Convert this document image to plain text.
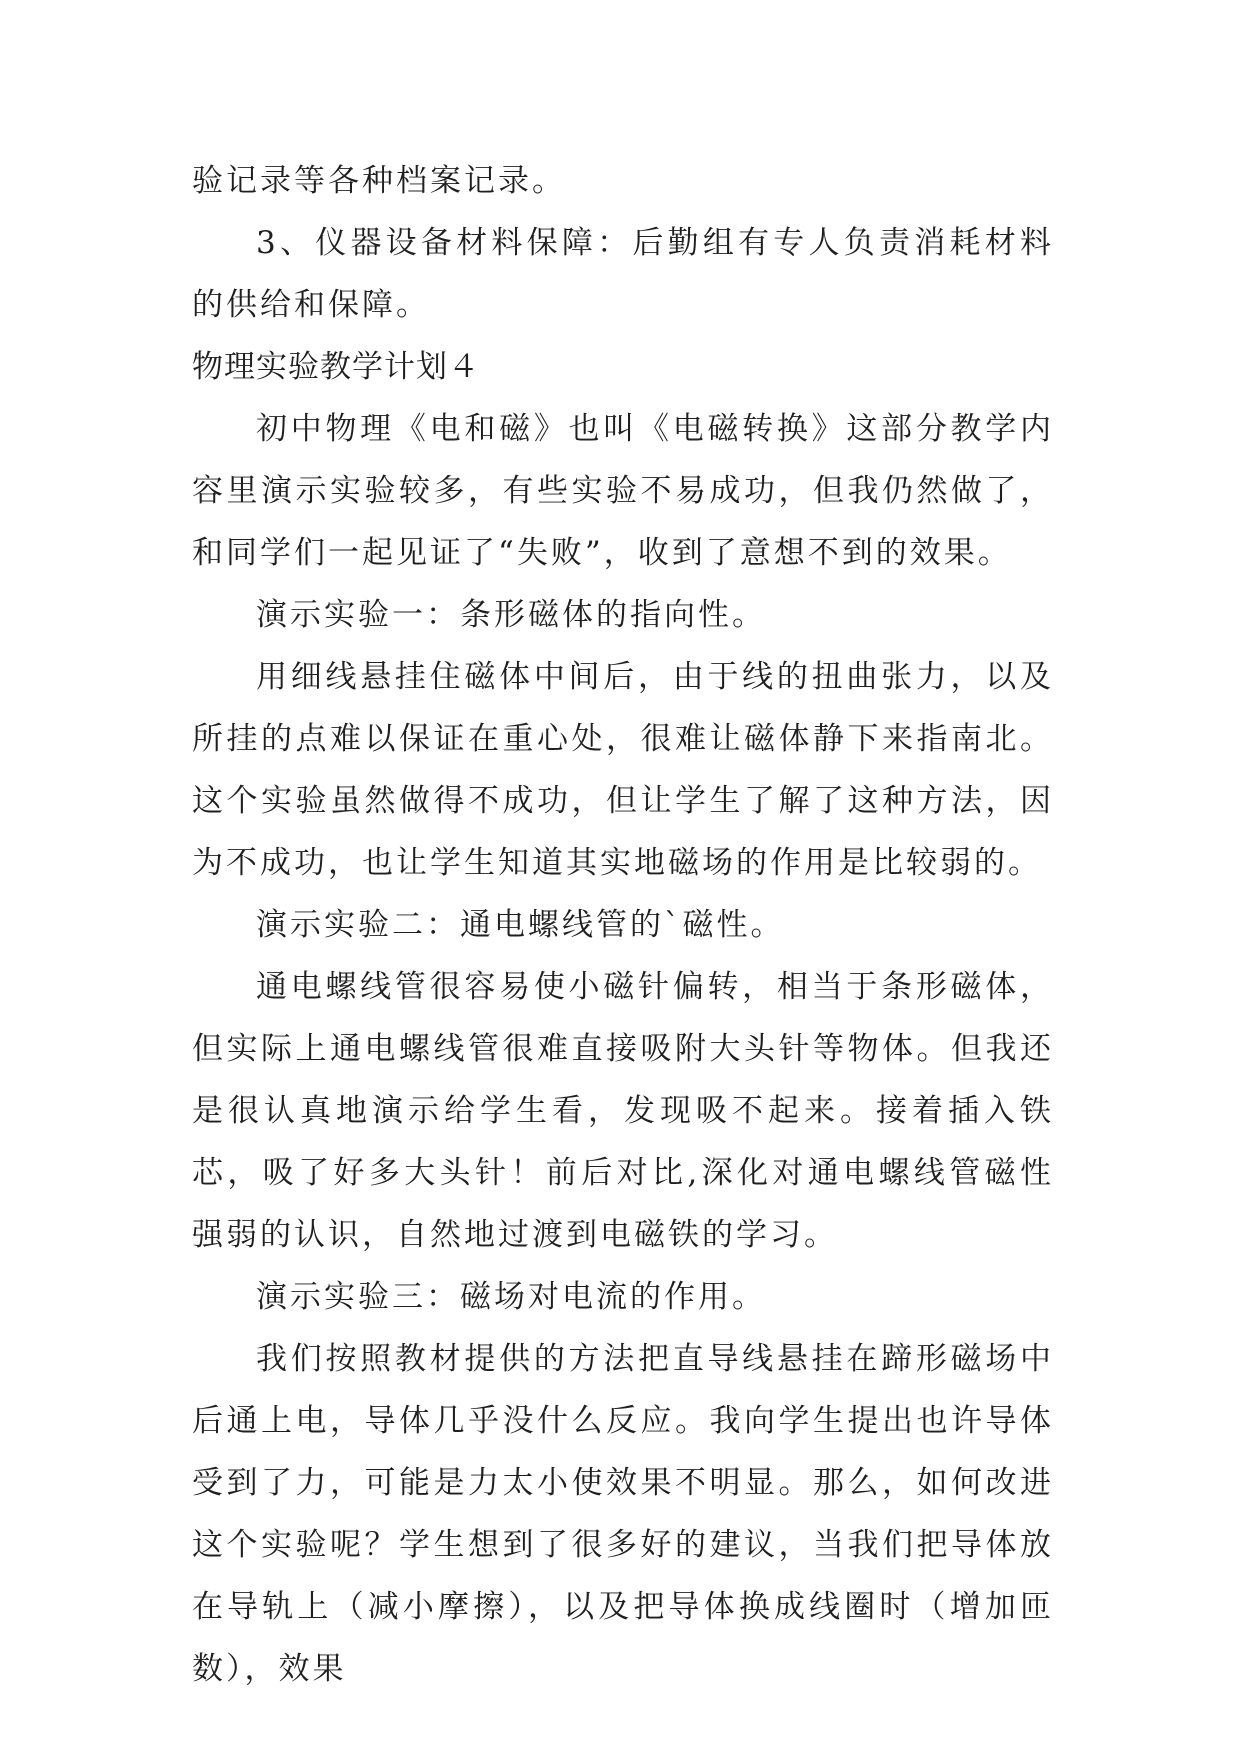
验记录等各种档案记录。

3、仪器设备材料保障：后勤组有专人负责消耗材料的供给和保障。

物理实验教学计划４

初中物理《电和磁》也叫《电磁转换》这部分教学内容里演示实验较多，有些实验不易成功，但我仍然做了，和同学们一起见证了“失败”，收到了意想不到的效果。

演示实验一：条形磁体的指向性。

用细线悬挂住磁体中间后，由于线的扭曲张力，以及所挂的点难以保证在重心处，很难让磁体静下来指南北。这个实验虽然做得不成功，但让学生了解了这种方法，因为不成功，也让学生知道其实地磁场的作用是比较弱的。

演示实验二：通电螺线管的`磁性。

通电螺线管很容易使小磁针偏转，相当于条形磁体，但实际上通电螺线管很难直接吸附大头针等物体。但我还是很认真地演示给学生看，发现吸不起来。接着插入铁芯，吸了好多大头针！前后对比,深化对通电螺线管磁性强弱的认识，自然地过渡到电磁铁的学习。

演示实验三：磁场对电流的作用。

我们按照教材提供的方法把直导线悬挂在蹄形磁场中后通上电，导体几乎没什么反应。我向学生提出也许导体受到了力，可能是力太小使效果不明显。那么，如何改进这个实验呢？学生想到了很多好的建议，当我们把导体放在导轨上（减小摩擦），以及把导体换成线圈时（增加匝数），效果
